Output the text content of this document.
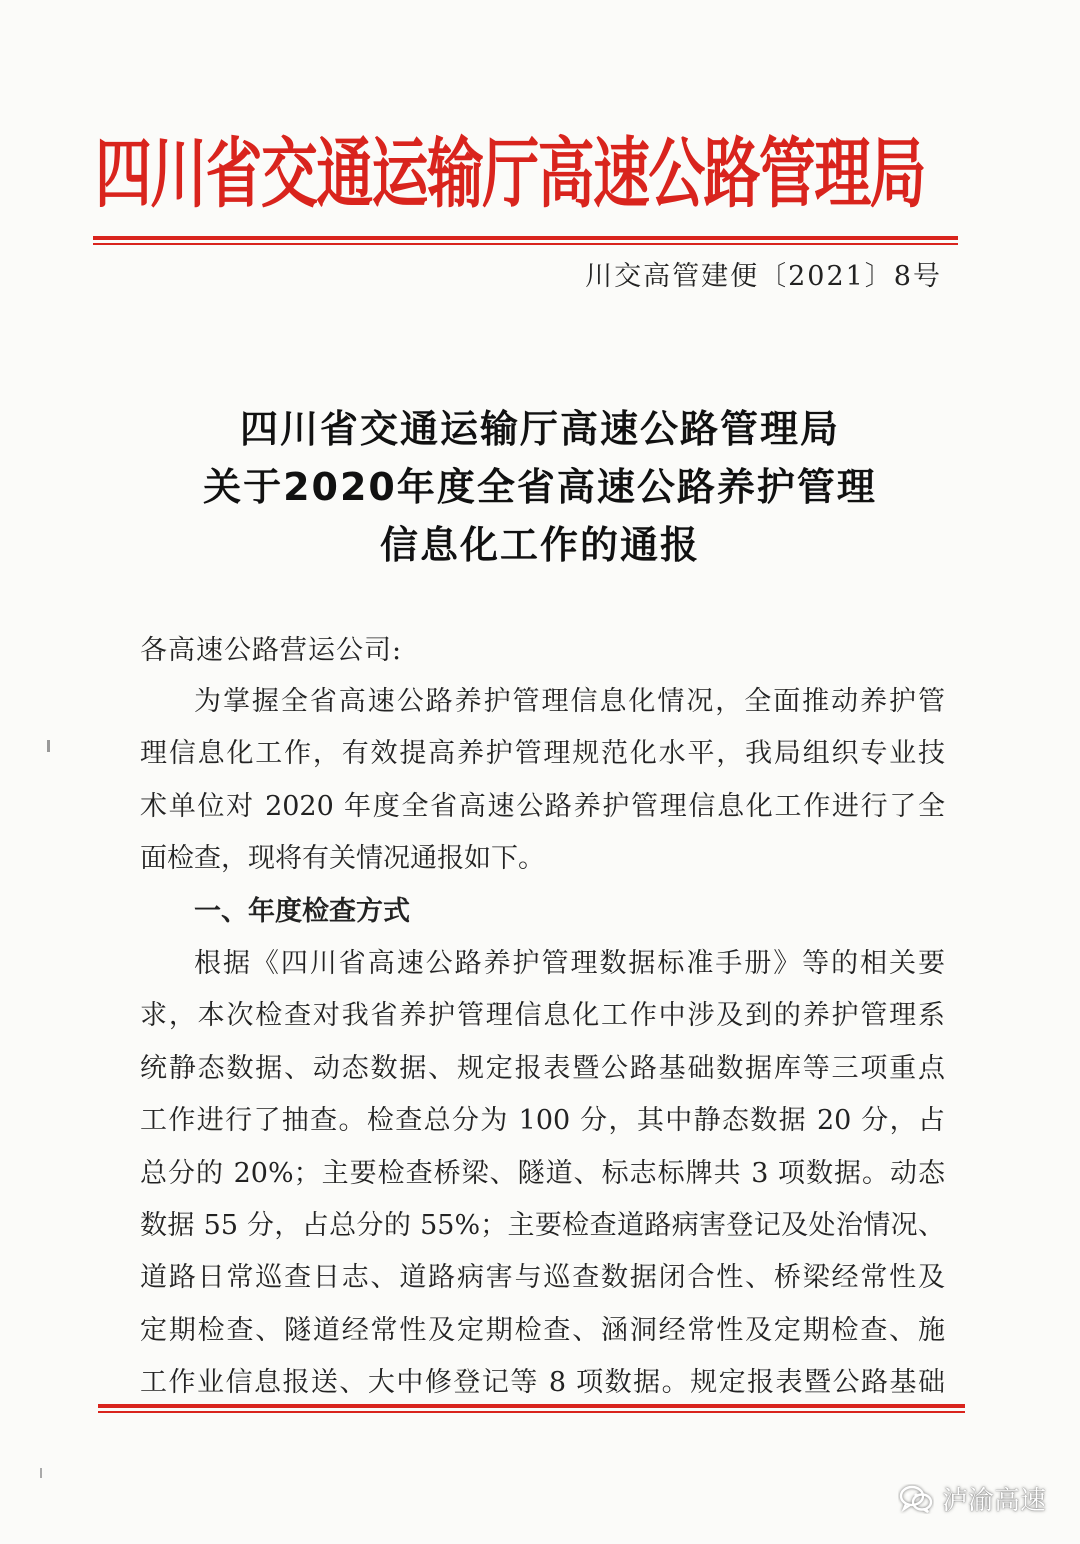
四川省交通运输厅高速公路管理局
川交高管建便〔2021〕8号
四川省交通运输厅高速公路管理局
关于2020年度全省高速公路养护管理
信息化工作的通报
各高速公路营运公司:
为掌握全省高速公路养护管理信息化情况，全面推动养护管
理信息化工作，有效提高养护管理规范化水平，我局组织专业技
术单位对 2020 年度全省高速公路养护管理信息化工作进行了全
面检查，现将有关情况通报如下。
一、年度检查方式
根据《四川省高速公路养护管理数据标准手册》等的相关要
求，本次检查对我省养护管理信息化工作中涉及到的养护管理系
统静态数据、动态数据、规定报表暨公路基础数据库等三项重点
工作进行了抽查。检查总分为 100 分，其中静态数据 20 分，占
总分的 20%；主要检查桥梁、隧道、标志标牌共 3 项数据。动态
数据 55 分，占总分的 55%；主要检查道路病害登记及处治情况、
道路日常巡查日志、道路病害与巡查数据闭合性、桥梁经常性及
定期检查、隧道经常性及定期检查、涵洞经常性及定期检查、施
工作业信息报送、大中修登记等 8 项数据。规定报表暨公路基础
泸渝高速
